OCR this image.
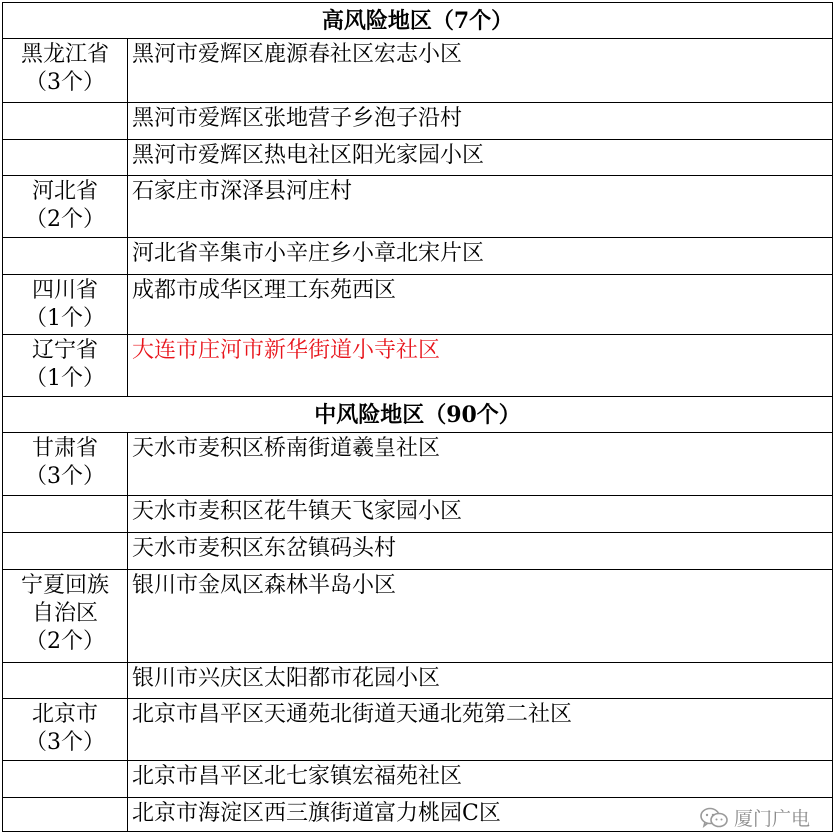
高风险地区（7个）	

黑龙江省
（3个）	黑河市爱辉区鹿源春社区宏志小区

	黑河市爱辉区张地营子乡泡子沿村

	黑河市爱辉区热电社区阳光家园小区

河北省
（2个）	石家庄市深泽县河庄村

	河北省辛集市小辛庄乡小章北宋片区

四川省
（1个）	成都市成华区理工东苑西区

辽宁省
（1个）	大连市庄河市新华街道小寺社区

中风险地区（90个）	

甘肃省
（3个）	天水市麦积区桥南街道羲皇社区

	天水市麦积区花牛镇天飞家园小区

	天水市麦积区东岔镇码头村

宁夏回族
自治区
（2个）	银川市金凤区森林半岛小区

	银川市兴庆区太阳都市花园小区

北京市
（3个）	北京市昌平区天通苑北街道天通北苑第二社区

	北京市昌平区北七家镇宏福苑社区

	北京市海淀区西三旗街道富力桃园C区	厦门广电
